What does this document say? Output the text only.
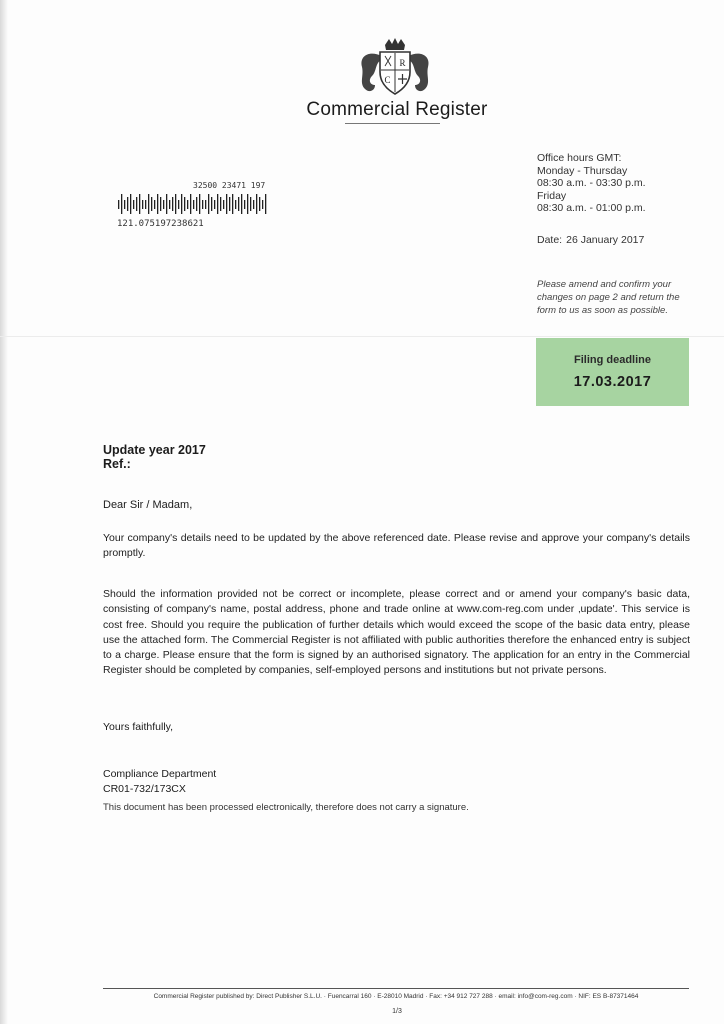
R
C
Commercial Register
32500 23471 197
121.075197238621
Office hours GMT:
Monday - Thursday
08:30 a.m. - 03:30 p.m.
Friday
08:30 a.m. - 01:00 p.m.
Date: 26 January 2017
Please amend and confirm your changes on page 2 and return the form to us as soon as possible.
Filing deadline
17.03.2017
Update year 2017
Ref.:
Dear Sir / Madam,

Your company's details need to be updated by the above referenced date. Please revise and approve your company's details promptly.

Should the information provided not be correct or incomplete, please correct and or amend your company's basic data, consisting of company's name, postal address, phone and trade online at www.com-reg.com under ‚update'. This service is cost free. Should you require the publication of further details which would exceed the scope of the basic data entry, please use the attached form. The Commercial Register is not affiliated with public authorities therefore the enhanced entry is subject to a charge. Please ensure that the form is signed by an authorised signatory. The application for an entry in the Commercial Register should be completed by companies, self-employed persons and institutions but not private persons.

Yours faithfully,
Compliance Department
CR01-732/173CX
This document has been processed electronically, therefore does not carry a signature.
Commercial Register published by: Direct Publisher S.L.U. · Fuencarral 160 · E-28010 Madrid · Fax: +34 912 727 288 · email: info@com-reg.com · NIF: ES B-87371464
1/3
